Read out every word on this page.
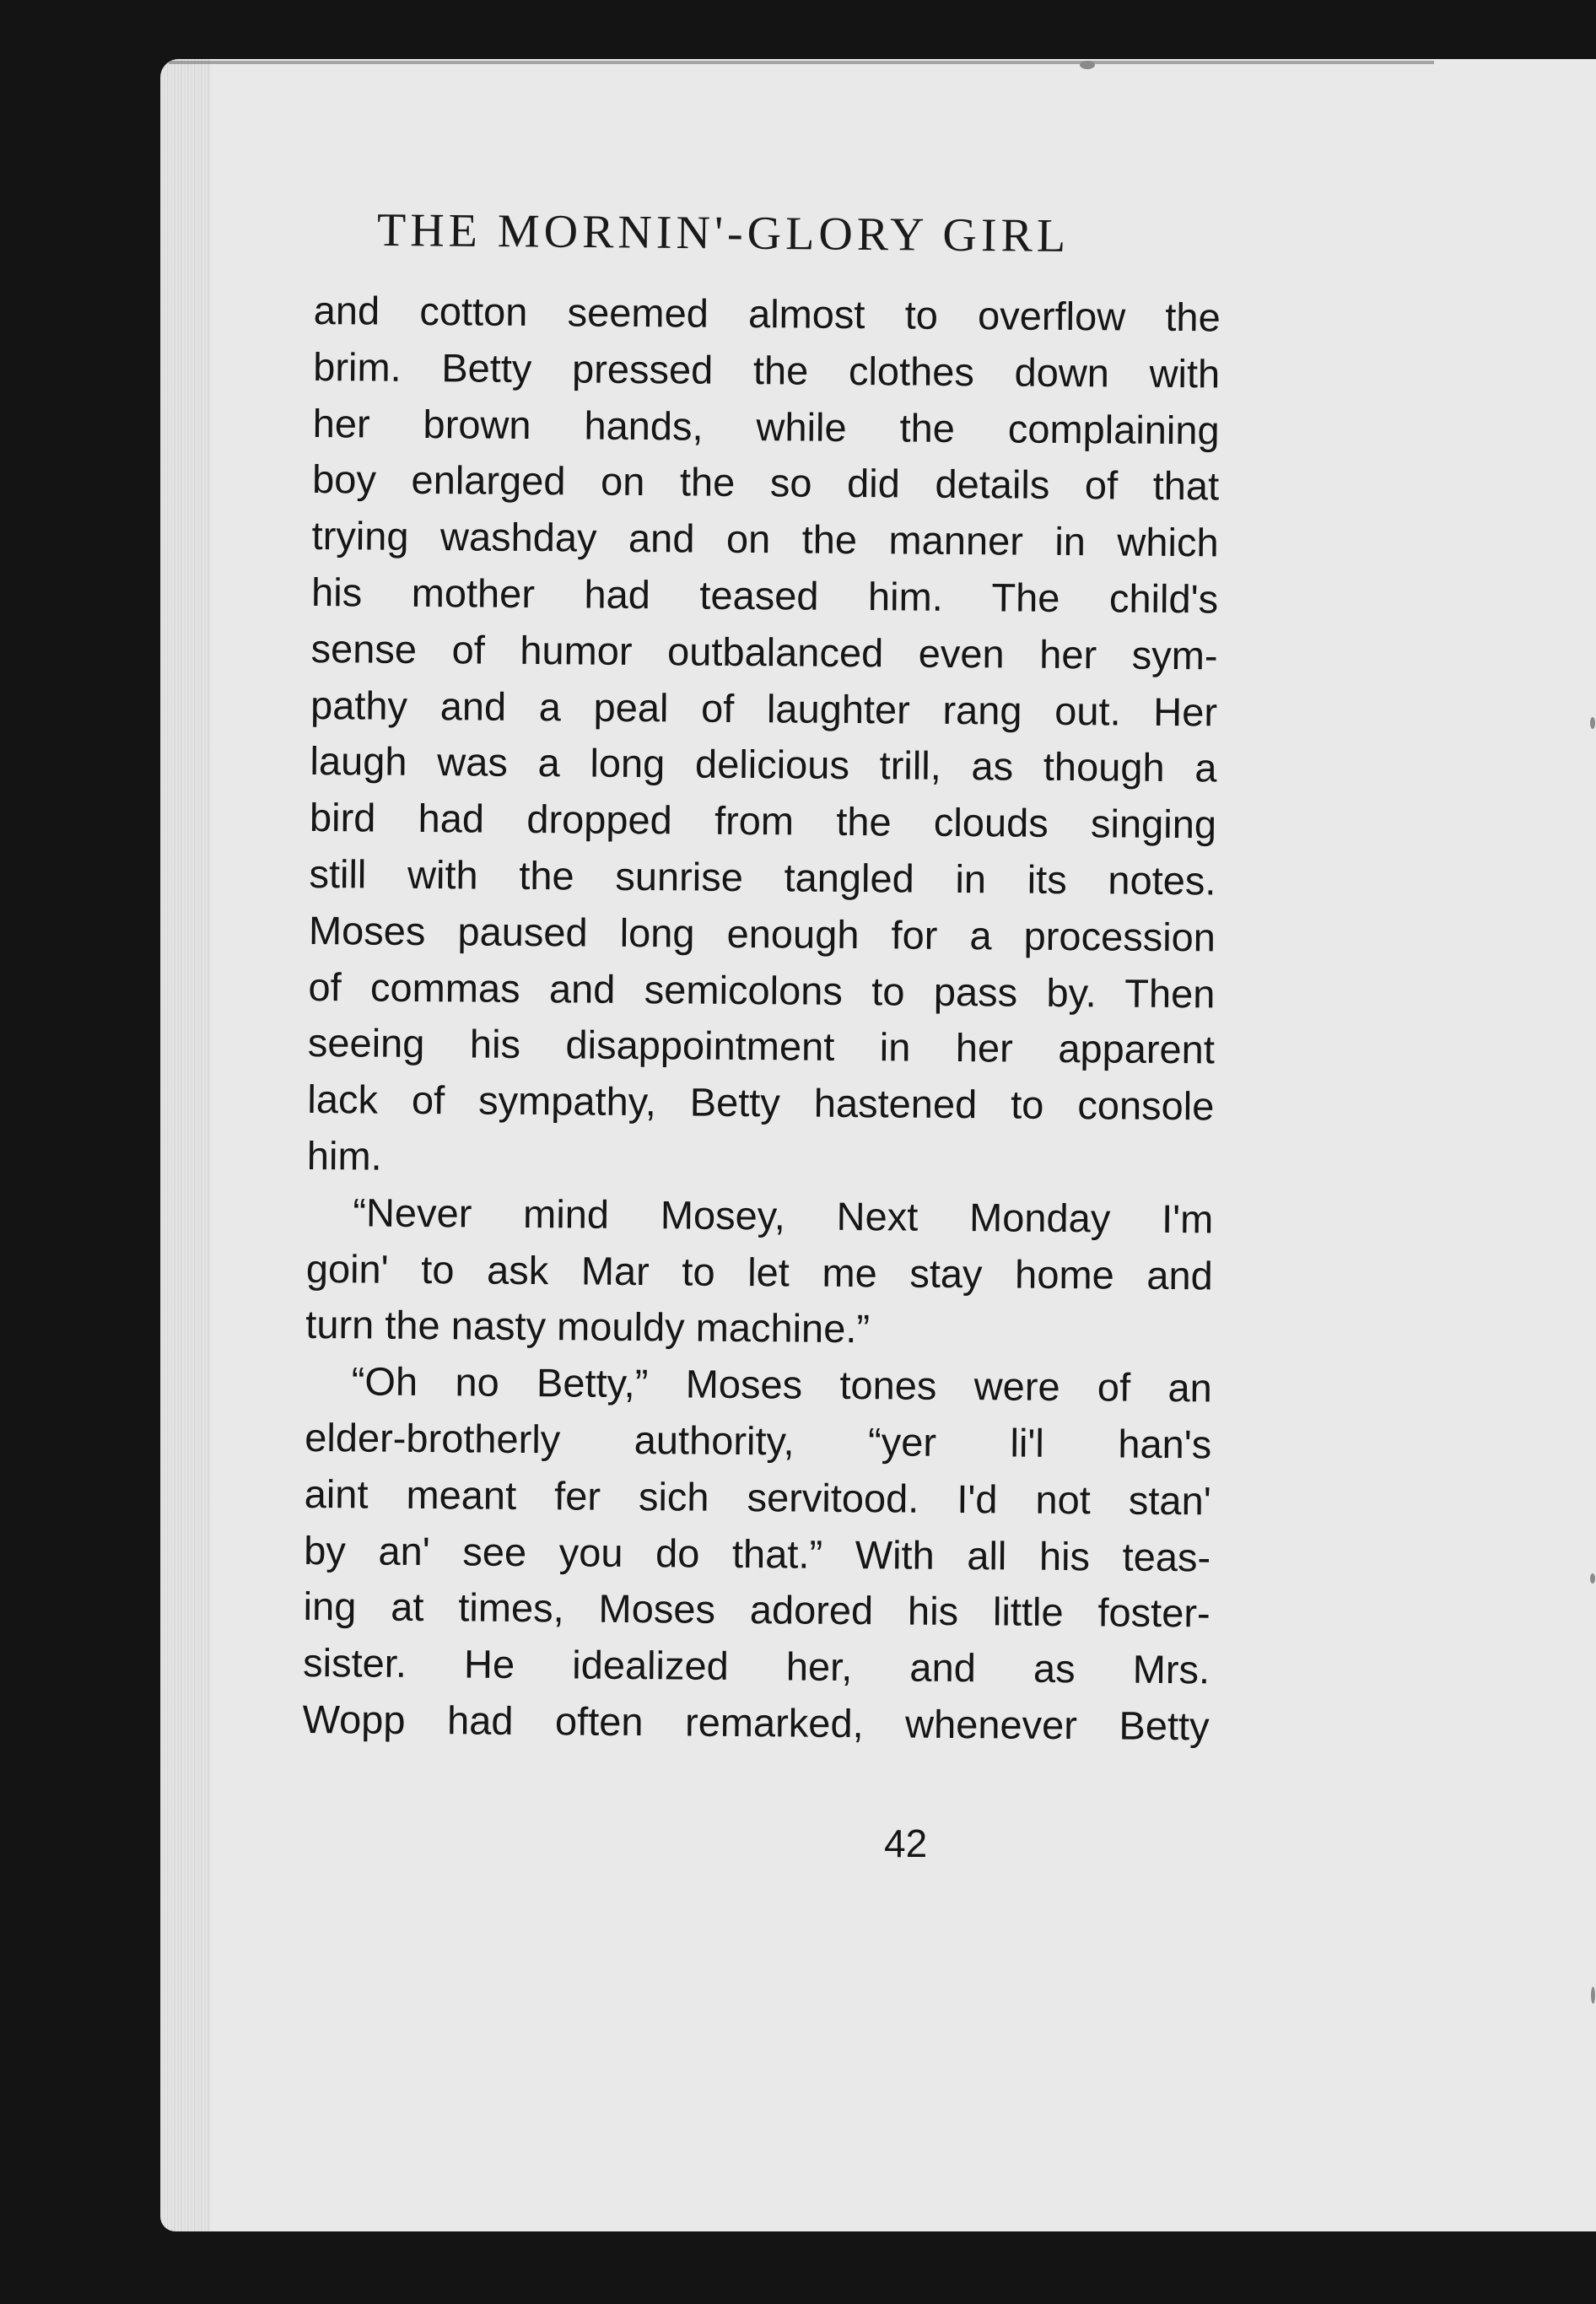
THE MORNIN'-GLORY GIRL
and cotton seemed almost to overflow the
brim. Betty pressed the clothes down with
her brown hands, while the complaining
boy enlarged on the so did details of that
trying washday and on the manner in which
his mother had teased him. The child's
sense of humor outbalanced even her sym-
pathy and a peal of laughter rang out. Her
laugh was a long delicious trill, as though a
bird had dropped from the clouds singing
still with the sunrise tangled in its notes.
Moses paused long enough for a procession
of commas and semicolons to pass by. Then
seeing his disappointment in her apparent
lack of sympathy, Betty hastened to console
him.
“Never mind Mosey, Next Monday I'm
goin' to ask Mar to let me stay home and
turn the nasty mouldy machine.”
“Oh no Betty,” Moses tones were of an
elder-brotherly authority, “yer li'l han's
aint meant fer sich servitood. I'd not stan'
by an' see you do that.” With all his teas-
ing at times, Moses adored his little foster-
sister. He idealized her, and as Mrs.
Wopp had often remarked, whenever Betty
42
